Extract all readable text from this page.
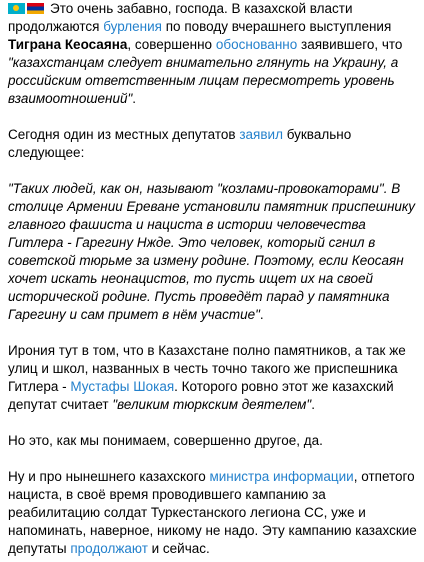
Это очень забавно, господа. В казахской власти продолжаются бурления по поводу вчерашнего выступления Тиграна Кеосаяна, совершенно обоснованно заявившего, что "казахстанцам следует внимательно глянуть на Украину, а российским ответственным лицам пересмотреть уровень взаимоотношений".

Сегодня один из местных депутатов заявил буквально следующее:

"Таких людей, как он, называют "козлами-провокаторами". В столице Армении Ереване установили памятник приспешнику главного фашиста и нациста в истории человечества Гитлера - Гарегину Нжде. Это человек, который сгнил в советской тюрьме за измену родине. Поэтому, если Кеосаян хочет искать неонацистов, то пусть ищет их на своей исторической родине. Пусть проведёт парад у памятника Гарегину и сам примет в нём участие".

Ирония тут в том, что в Казахстане полно памятников, а так же улиц и школ, названных в честь точно такого же приспешника Гитлера - Мустафы Шокая. Которого ровно этот же казахский депутат считает "великим тюркским деятелем".

Но это, как мы понимаем, совершенно другое, да.

Ну и про нынешнего казахского министра информации, отпетого нациста, в своё время проводившего кампанию за реабилитацию солдат Туркестанского легиона СС, уже и напоминать, наверное, никому не надо. Эту кампанию казахские депутаты продолжают и сейчас.
